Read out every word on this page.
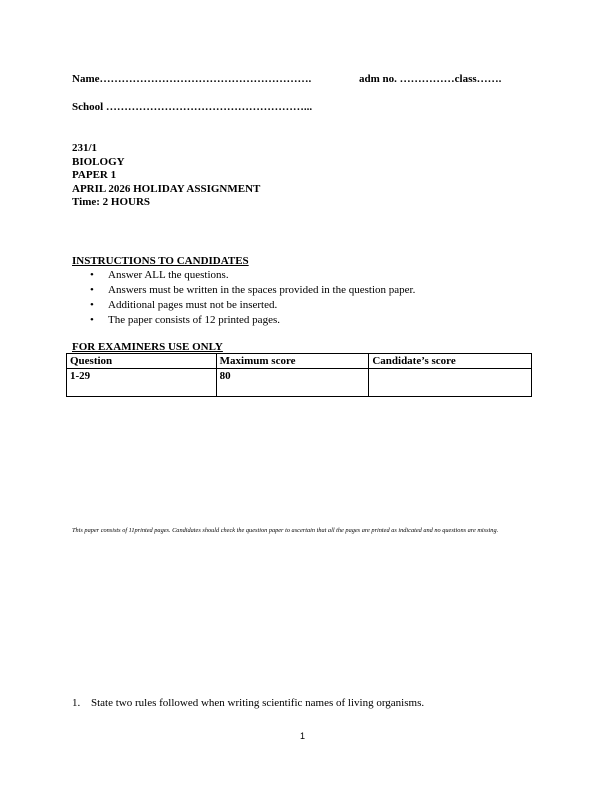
Name………………………………………………….	adm no. ……………class…….
School ………………………………………………...
231/1
BIOLOGY
PAPER 1
APRIL 2026 HOLIDAY ASSIGNMENT
Time: 2 HOURS
INSTRUCTIONS TO CANDIDATES
• Answer ALL the questions.
• Answers must be written in the spaces provided in the question paper.
• Additional pages must not be inserted.
• The paper consists of 12 printed pages.
FOR EXAMINERS USE ONLY
Question	Maximum score	Candidate’s score
1-29	80	
This paper consists of 11printed pages. Candidates should check the question paper to ascertain that all the pages are printed as indicated and no questions are missing.
1. State two rules followed when writing scientific names of living organisms.
1
